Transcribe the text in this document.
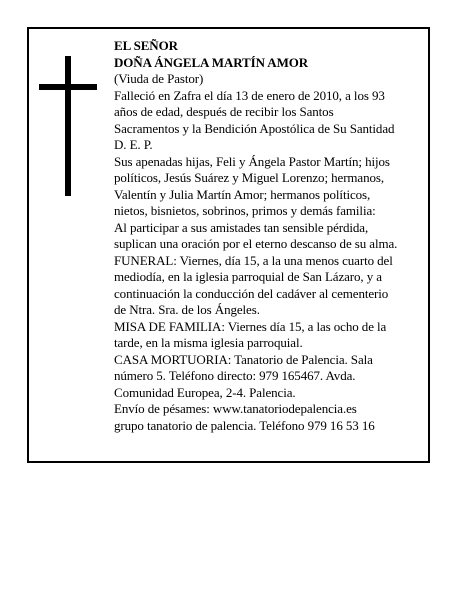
EL SEÑOR
DOÑA ÁNGELA MARTÍN AMOR
(Viuda de Pastor)
Falleció en Zafra el día 13 de enero de 2010, a los 93
años de edad, después de recibir los Santos
Sacramentos y la Bendición Apostólica de Su Santidad
D. E. P.
Sus apenadas hijas, Feli y Ángela Pastor Martín; hijos
políticos, Jesús Suárez y Miguel Lorenzo; hermanos,
Valentín y Julia Martín Amor; hermanos políticos,
nietos, bisnietos, sobrinos, primos y demás familia:
Al participar a sus amistades tan sensible pérdida,
suplican una oración por el eterno descanso de su alma.
FUNERAL: Viernes, día 15, a la una menos cuarto del
mediodía, en la iglesia parroquial de San Lázaro, y a
continuación la conducción del cadáver al cementerio
de Ntra. Sra. de los Ángeles.
MISA DE FAMILIA: Viernes día 15, a las ocho de la
tarde, en la misma iglesia parroquial.
CASA MORTUORIA: Tanatorio de Palencia. Sala
número 5. Teléfono directo: 979 165467. Avda.
Comunidad Europea, 2-4. Palencia.
Envío de pésames: www.tanatoriodepalencia.es
grupo tanatorio de palencia. Teléfono 979 16 53 16
